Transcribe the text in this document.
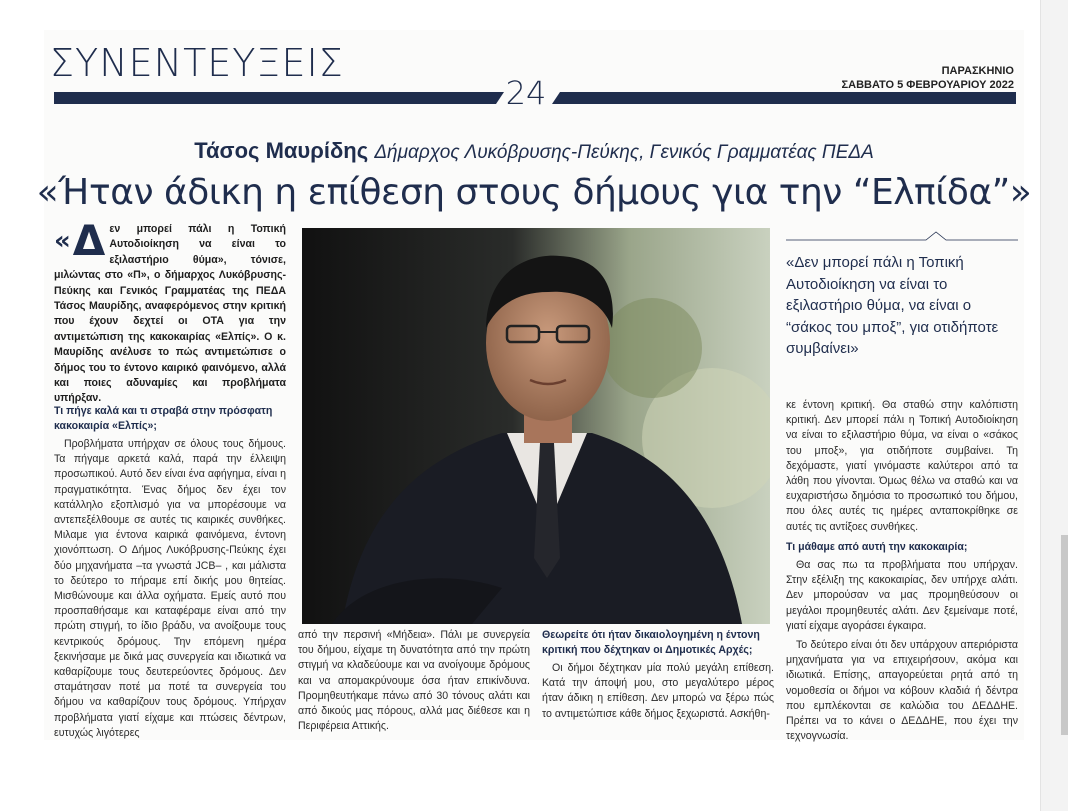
ΣΥΝΕΝΤΕΥΞΕΙΣ	ΠΑΡΑΣΚΗΝΙΟ
ΣΑΒΒΑΤΟ 5 ΦΕΒΡΟΥΑΡΙΟΥ 2022
24
Τάσος Μαυρίδης Δήμαρχος Λυκόβρυσης-Πεύκης, Γενικός Γραμματέας ΠΕΔΑ
«Ήταν άδικη η επίθεση στους δήμους για την “Ελπίδα”»
«Δ εν μπορεί πάλι η Τοπική Αυτοδιοίκηση να είναι το εξιλαστήριο θύμα», τόνισε, μιλώντας στο «Π», ο δήμαρχος Λυκόβρυσης-Πεύκης και Γενικός Γραμματέας της ΠΕΔΑ Τάσος Μαυρίδης, αναφερόμενος στην κριτική που έχουν δεχτεί οι ΟΤΑ για την αντιμετώπιση της κακοκαιρίας «Ελπίς». Ο κ. Μαυρίδης ανέλυσε το πώς αντιμετώπισε ο δήμος του το έντονο καιρικό φαινόμενο, αλλά και ποιες αδυναμίες και προβλήματα υπήρξαν.
Τι πήγε καλά και τι στραβά στην πρόσφατη κακοκαιρία «Ελπίς»;
Προβλήματα υπήρχαν σε όλους τους δήμους. Τα πήγαμε αρκετά καλά, παρά την έλλειψη προσωπικού. Αυτό δεν είναι ένα αφήγημα, είναι η πραγματικότητα. Ένας δήμος δεν έχει τον κατάλληλο εξοπλισμό για να μπορέσουμε να αντεπεξέλθουμε σε αυτές τις καιρικές συνθήκες. Μιλαμε για έντονα καιρικά φαινόμενα, έντονη χιονόπτωση. Ο Δήμος Λυκόβρυσης-Πεύκης έχει δύο μηχανήματα –τα γνωστά JCB– , και μάλιστα το δεύτερο το πήραμε επί δικής μου θητείας. Μισθώνουμε και άλλα οχήματα. Εμείς αυτό που προσπαθήσαμε και καταφέραμε είναι από την πρώτη στιγμή, το ίδιο βράδυ, να ανοίξουμε τους κεντρικούς δρόμους. Την επόμενη ημέρα ξεκινήσαμε με δικά μας συνεργεία και ιδιωτικά να καθαρίζουμε τους δευτερεύοντες δρόμους. Δεν σταμάτησαν ποτέ μα ποτέ τα συνεργεία του δήμου να καθαρίζουν τους δρόμους. Υπήρχαν προβλήματα γιατί είχαμε και πτώσεις δέντρων, ευτυχώς λιγότερες
από την περσινή «Μήδεια». Πάλι με συνεργεία του δήμου, είχαμε τη δυνατότητα από την πρώτη στιγμή να κλαδεύουμε και να ανοίγουμε δρόμους και να απομακρύνουμε όσα ήταν επικίνδυνα. Προμηθευτήκαμε πάνω από 30 τόνους αλάτι και από δικούς μας πόρους, αλλά μας διέθεσε και η Περιφέρεια Αττικής.
Θεωρείτε ότι ήταν δικαιολογημένη η έντονη κριτική που δέχτηκαν οι Δημοτικές Αρχές;
Οι δήμοι δέχτηκαν μία πολύ μεγάλη επίθεση. Κατά την άποψή μου, στο μεγαλύτερο μέρος ήταν άδικη η επίθεση. Δεν μπορώ να ξέρω πώς το αντιμετώπισε κάθε δήμος ξεχωριστά. Ασκήθη-
«Δεν μπορεί πάλι η Τοπική Αυτοδιοίκηση να είναι το εξιλαστήριο θύμα, να είναι ο “σάκος του μποξ”, για οτιδήποτε συμβαίνει»
κε έντονη κριτική. Θα σταθώ στην καλόπιστη κριτική. Δεν μπορεί πάλι η Τοπική Αυτοδιοίκηση να είναι το εξιλαστήριο θύμα, να είναι ο «σάκος του μποξ», για οτιδήποτε συμβαίνει. Τη δεχόμαστε, γιατί γινόμαστε καλύτεροι από τα λάθη που γίνονται. Όμως θέλω να σταθώ και να ευχαριστήσω δημόσια το προσωπικό του δήμου, που όλες αυτές τις ημέρες ανταποκρίθηκε σε αυτές τις αντίξοες συνθήκες.
Τι μάθαμε από αυτή την κακοκαιρία;
Θα σας πω τα προβλήματα που υπήρχαν. Στην εξέλιξη της κακοκαιρίας, δεν υπήρχε αλάτι. Δεν μπορούσαν να μας προμηθεύσουν οι μεγάλοι προμηθευτές αλάτι. Δεν ξεμείναμε ποτέ, γιατί είχαμε αγοράσει έγκαιρα.
Το δεύτερο είναι ότι δεν υπάρχουν απεριόριστα μηχανήματα για να επιχειρήσουν, ακόμα και ιδιωτικά. Επίσης, απαγορεύεται ρητά από τη νομοθεσία οι δήμοι να κόβουν κλαδιά ή δέντρα που εμπλέκονται σε καλώδια του ΔΕΔΔΗΕ. Πρέπει να το κάνει ο ΔΕΔΔΗΕ, που έχει την τεχνογνωσία.
